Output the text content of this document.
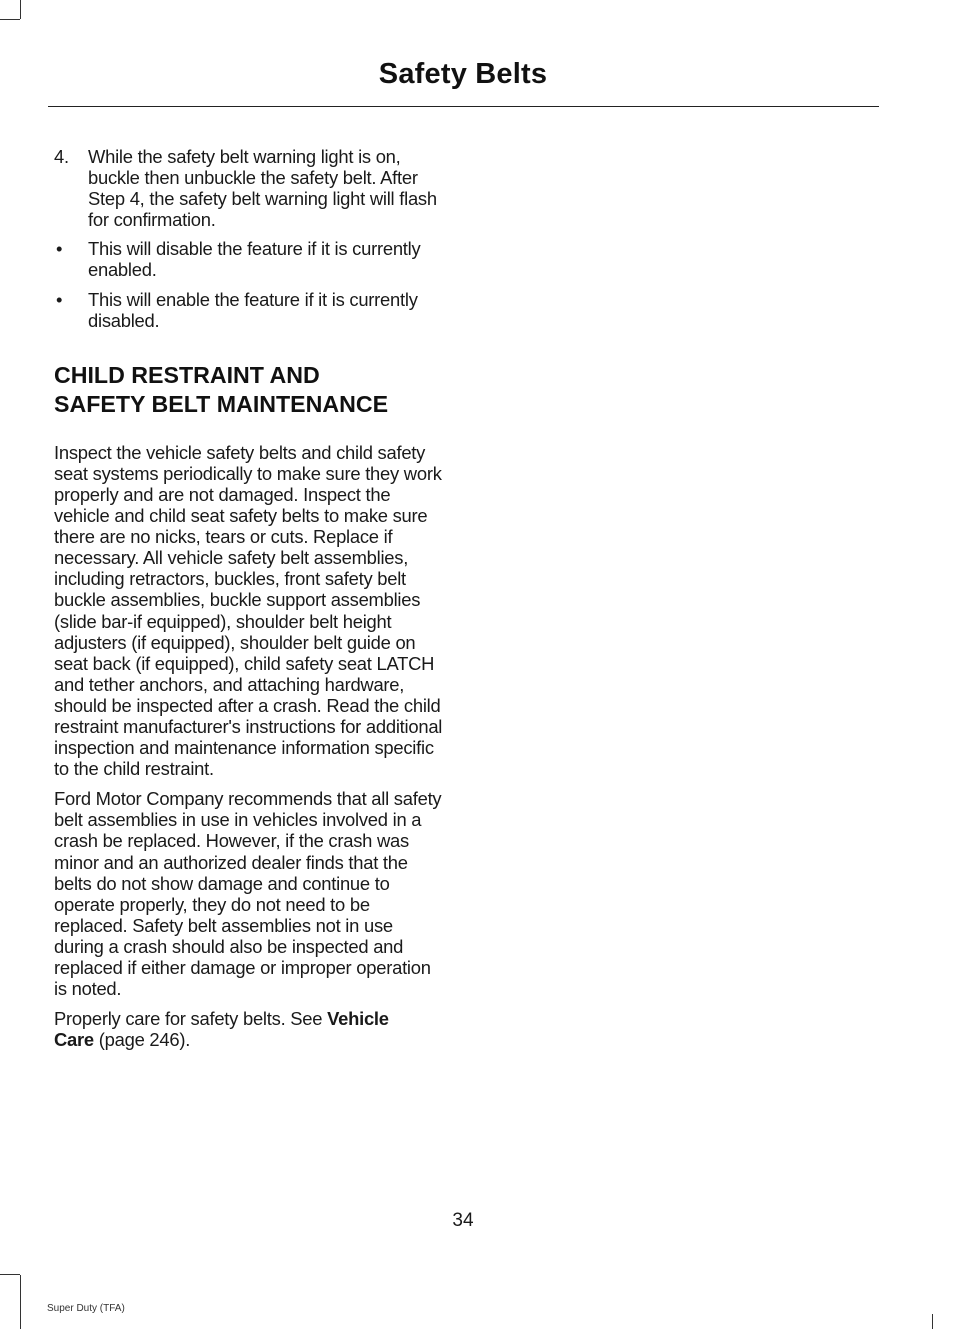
Safety Belts
4. While the safety belt warning light is on, buckle then unbuckle the safety belt. After Step 4, the safety belt warning light will flash for confirmation.
• This will disable the feature if it is currently enabled.
• This will enable the feature if it is currently disabled.
CHILD RESTRAINT AND
SAFETY BELT MAINTENANCE

Inspect the vehicle safety belts and child safety seat systems periodically to make sure they work properly and are not damaged. Inspect the vehicle and child seat safety belts to make sure there are no nicks, tears or cuts. Replace if necessary. All vehicle safety belt assemblies, including retractors, buckles, front safety belt buckle assemblies, buckle support assemblies (slide bar-if equipped), shoulder belt height adjusters (if equipped), shoulder belt guide on seat back (if equipped), child safety seat LATCH and tether anchors, and attaching hardware, should be inspected after a crash. Read the child restraint manufacturer's instructions for additional inspection and maintenance information specific to the child restraint.

Ford Motor Company recommends that all safety belt assemblies in use in vehicles involved in a crash be replaced. However, if the crash was minor and an authorized dealer finds that the belts do not show damage and continue to operate properly, they do not need to be replaced. Safety belt assemblies not in use during a crash should also be inspected and replaced if either damage or improper operation is noted.

Properly care for safety belts. See Vehicle
Care (page 246).

34
Super Duty (TFA)
